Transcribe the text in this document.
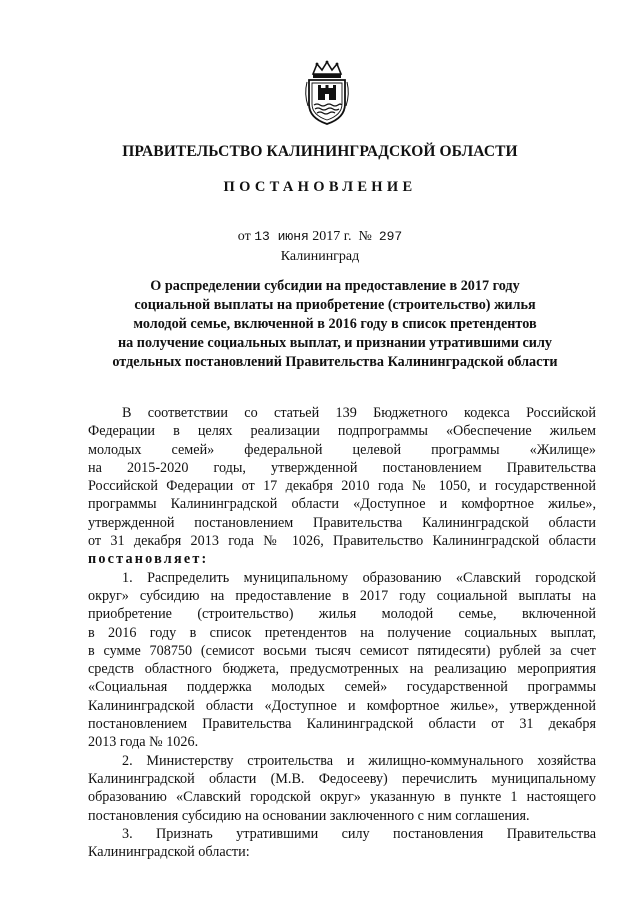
ПРАВИТЕЛЬСТВО КАЛИНИНГРАДСКОЙ ОБЛАСТИ
ПОСТАНОВЛЕНИЕ
от 13 июня 2017 г. № 297
Калининград
О распределении субсидии на предоставление в 2017 году
социальной выплаты на приобретение (строительство) жилья
молодой семье, включенной в 2016 году в список претендентов
на получение социальных выплат, и признании утратившими силу
отдельных постановлений Правительства Калининградской области
В соответствии со статьей 139 Бюджетного кодекса Российской
Федерации в целях реализации подпрограммы «Обеспечение жильем
молодых семей» федеральной целевой программы «Жилище»
на 2015-2020 годы, утвержденной постановлением Правительства
Российской Федерации от 17 декабря 2010 года № 1050, и государственной
программы Калининградской области «Доступное и комфортное жилье»,
утвержденной постановлением Правительства Калининградской области
от 31 декабря 2013 года № 1026, Правительство Калининградской области
постановляет:
1. Распределить муниципальному образованию «Славский городской
округ» субсидию на предоставление в 2017 году социальной выплаты на
приобретение (строительство) жилья молодой семье, включенной
в 2016 году в список претендентов на получение социальных выплат,
в сумме 708750 (семисот восьми тысяч семисот пятидесяти) рублей за счет
средств областного бюджета, предусмотренных на реализацию мероприятия
«Социальная поддержка молодых семей» государственной программы
Калининградской области «Доступное и комфортное жилье», утвержденной
постановлением Правительства Калининградской области от 31 декабря
2013 года № 1026.
2. Министерству строительства и жилищно-коммунального хозяйства
Калининградской области (М.В. Федосееву) перечислить муниципальному
образованию «Славский городской округ» указанную в пункте 1 настоящего
постановления субсидию на основании заключенного с ним соглашения.
3. Признать утратившими силу постановления Правительства
Калининградской области:
